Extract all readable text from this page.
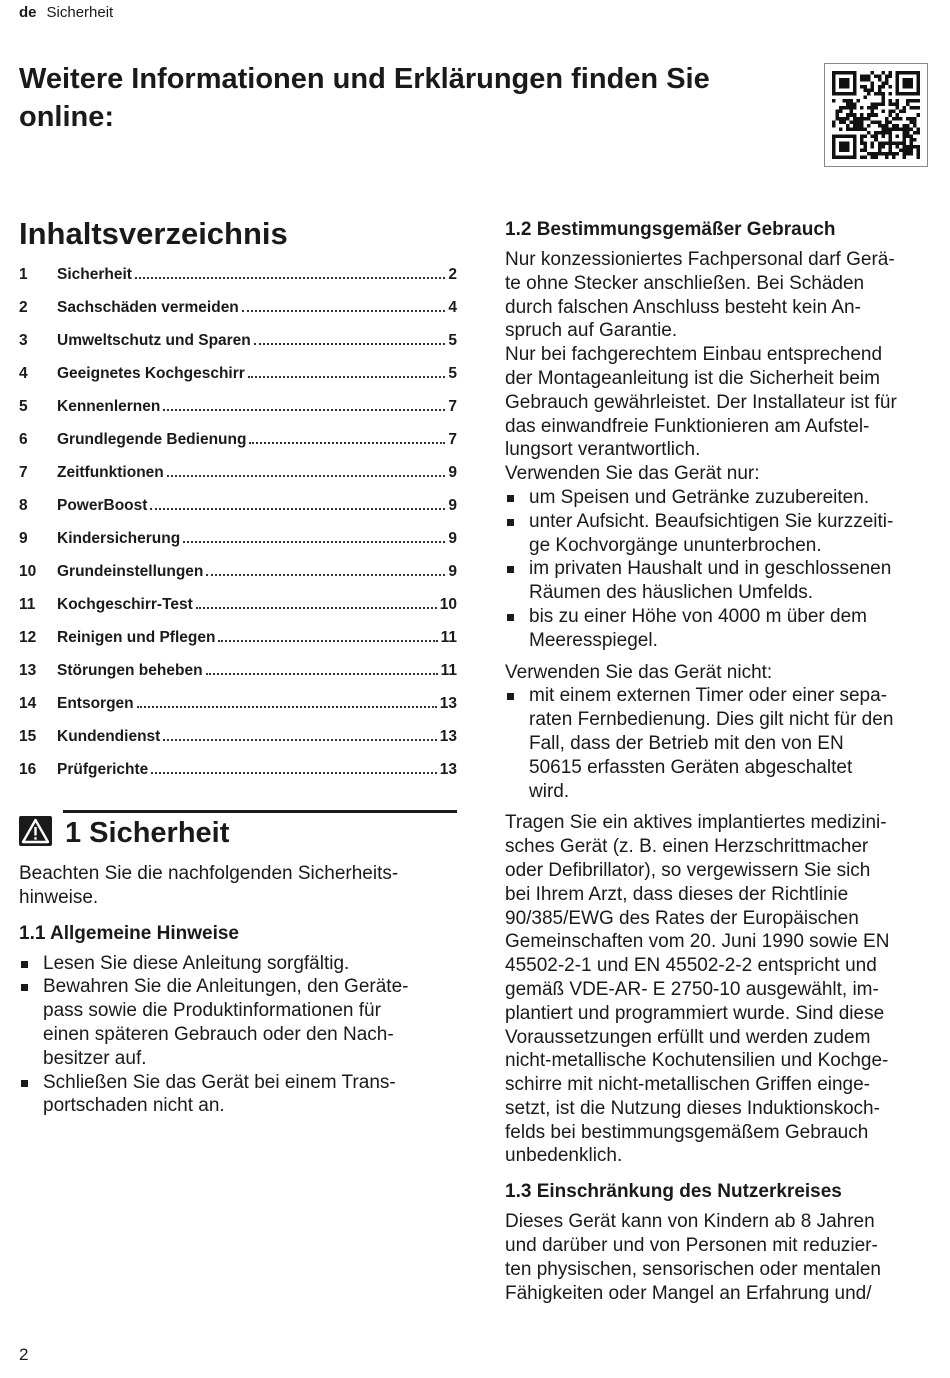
de Sicherheit
Weitere Informationen und Erklärungen finden Sie
online:
Inhaltsverzeichnis
1	Sicherheit	2
2	Sachschäden vermeiden	4
3	Umweltschutz und Sparen	5
4	Geeignetes Kochgeschirr	5
5	Kennenlernen	7
6	Grundlegende Bedienung	7
7	Zeitfunktionen	9
8	PowerBoost	9
9	Kindersicherung	9
10	Grundeinstellungen	9
11	Kochgeschirr-Test	10
12	Reinigen und Pflegen	11
13	Störungen beheben	11
14	Entsorgen	13
15	Kundendienst	13
16	Prüfgerichte	13
1 Sicherheit

Beachten Sie die nachfolgenden Sicherheits-
hinweise.

1.1 Allgemeine Hinweise
Lesen Sie diese Anleitung sorgfältig.
Bewahren Sie die Anleitungen, den Geräte-
pass sowie die Produktinformationen für
einen späteren Gebrauch oder den Nach-
besitzer auf.
Schließen Sie das Gerät bei einem Trans-
portschaden nicht an.
1.2 Bestimmungsgemäßer Gebrauch

Nur konzessioniertes Fachpersonal darf Gerä-
te ohne Stecker anschließen. Bei Schäden
durch falschen Anschluss besteht kein An-
spruch auf Garantie.
Nur bei fachgerechtem Einbau entsprechend
der Montageanleitung ist die Sicherheit beim
Gebrauch gewährleistet. Der Installateur ist für
das einwandfreie Funktionieren am Aufstel-
lungsort verantwortlich.
Verwenden Sie das Gerät nur:

um Speisen und Getränke zuzubereiten.
unter Aufsicht. Beaufsichtigen Sie kurzzeiti-
ge Kochvorgänge ununterbrochen.
im privaten Haushalt und in geschlossenen
Räumen des häuslichen Umfelds.
bis zu einer Höhe von 4000 m über dem
Meeresspiegel.

Verwenden Sie das Gerät nicht:

mit einem externen Timer oder einer sepa-
raten Fernbedienung. Dies gilt nicht für den
Fall, dass der Betrieb mit den von EN
50615 erfassten Geräten abgeschaltet
wird.

Tragen Sie ein aktives implantiertes medizini-
sches Gerät (z. B. einen Herzschrittmacher
oder Defibrillator), so vergewissern Sie sich
bei Ihrem Arzt, dass dieses der Richtlinie
90/385/EWG des Rates der Europäischen
Gemeinschaften vom 20. Juni 1990 sowie EN
45502-2-1 und EN 45502-2-2 entspricht und
gemäß VDE-AR- E 2750-10 ausgewählt, im-
plantiert und programmiert wurde. Sind diese
Voraussetzungen erfüllt und werden zudem
nicht-metallische Kochutensilien und Kochge-
schirre mit nicht-metallischen Griffen einge-
setzt, ist die Nutzung dieses Induktionskoch-
felds bei bestimmungsgemäßem Gebrauch
unbedenklich.

1.3 Einschränkung des Nutzerkreises

Dieses Gerät kann von Kindern ab 8 Jahren
und darüber und von Personen mit reduzier-
ten physischen, sensorischen oder mentalen
Fähigkeiten oder Mangel an Erfahrung und/

2
